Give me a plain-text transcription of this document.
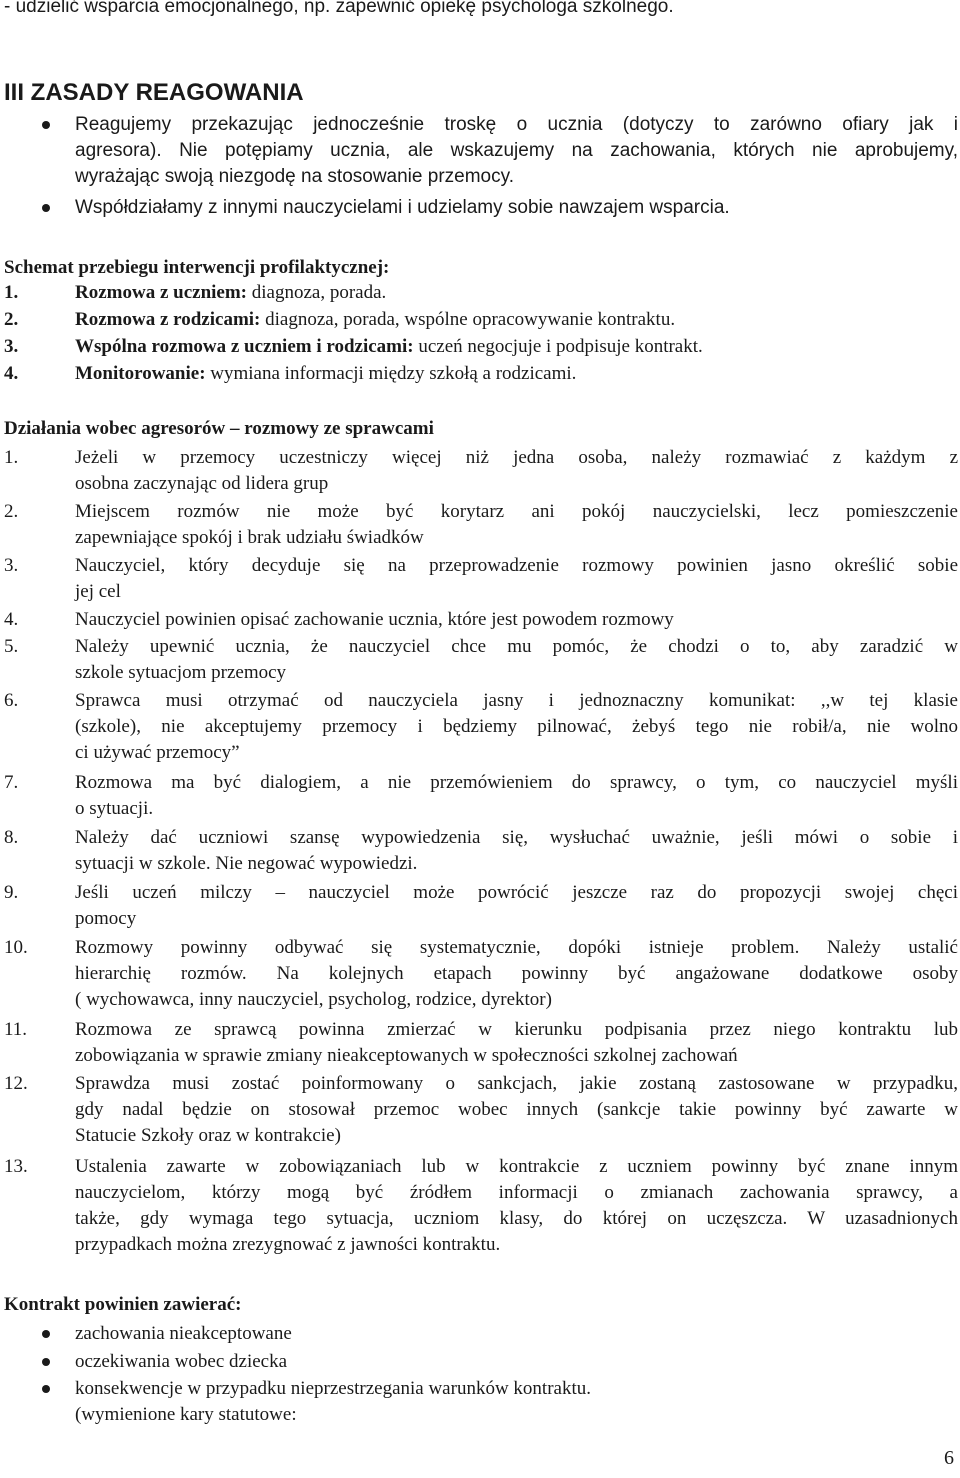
- udzielić wsparcia emocjonalnego, np. zapewnić opiekę psychologa szkolnego.
III ZASADY REAGOWANIA
Reagujemy przekazując jednocześnie troskę o ucznia (dotyczy to zarówno ofiary jak i
agresora). Nie potępiamy ucznia, ale wskazujemy na zachowania, których nie aprobujemy,
wyrażając swoją niezgodę na stosowanie przemocy.
Współdziałamy z innymi nauczycielami i udzielamy sobie nawzajem wsparcia.
Schemat przebiegu interwencji profilaktycznej:
1.	Rozmowa z uczniem: diagnoza, porada.
2.	Rozmowa z rodzicami: diagnoza, porada, wspólne opracowywanie kontraktu.
3.	Wspólna rozmowa z uczniem i rodzicami: uczeń negocjuje i podpisuje kontrakt.
4.	Monitorowanie: wymiana informacji między szkołą a rodzicami.
Działania wobec agresorów – rozmowy ze sprawcami
1.	Jeżeli w przemocy uczestniczy więcej niż jedna osoba, należy rozmawiać z każdym z
osobna zaczynając od lidera grup
2.	Miejscem rozmów nie może być korytarz ani pokój nauczycielski, lecz pomieszczenie
zapewniające spokój i brak udziału świadków
3.	Nauczyciel, który decyduje się na przeprowadzenie rozmowy powinien jasno określić sobie
jej cel
4.	Nauczyciel powinien opisać zachowanie ucznia, które jest powodem rozmowy
5.	Należy upewnić ucznia, że nauczyciel chce mu pomóc, że chodzi o to, aby zaradzić w
szkole sytuacjom przemocy
6.	Sprawca musi otrzymać od nauczyciela jasny i jednoznaczny komunikat: ,,w tej klasie
(szkole), nie akceptujemy przemocy i będziemy pilnować, żebyś tego nie robił/a, nie wolno
ci używać przemocy”
7.	Rozmowa ma być dialogiem, a nie przemówieniem do sprawcy, o tym, co nauczyciel myśli
o sytuacji.
8.	Należy dać uczniowi szansę wypowiedzenia się, wysłuchać uważnie, jeśli mówi o sobie i
sytuacji w szkole. Nie negować wypowiedzi.
9.	Jeśli uczeń milczy – nauczyciel może powrócić jeszcze raz do propozycji swojej chęci
pomocy
10. Rozmowy powinny odbywać się systematycznie, dopóki istnieje problem. Należy ustalić
hierarchię rozmów. Na kolejnych etapach powinny być angażowane dodatkowe osoby
( wychowawca, inny nauczyciel, psycholog, rodzice, dyrektor)
11.	Rozmowa ze sprawcą powinna zmierzać w kierunku podpisania przez niego kontraktu lub
zobowiązania w sprawie zmiany nieakceptowanych w społeczności szkolnej zachowań
12. Sprawdza musi zostać poinformowany o sankcjach, jakie zostaną zastosowane w przypadku,
gdy nadal będzie on stosował przemoc wobec innych (sankcje takie powinny być zawarte w
Statucie Szkoły oraz w kontrakcie)
13. Ustalenia zawarte w zobowiązaniach lub w kontrakcie z uczniem powinny być znane innym
nauczycielom, którzy mogą być źródłem informacji o zmianach zachowania sprawcy, a
także, gdy wymaga tego sytuacja, uczniom klasy, do której on uczęszcza. W uzasadnionych
przypadkach można zrezygnować z jawności kontraktu.
Kontrakt powinien zawierać:
zachowania nieakceptowane
oczekiwania wobec dziecka
konsekwencje w przypadku nieprzestrzegania warunków kontraktu.
(wymienione kary statutowe:
6
